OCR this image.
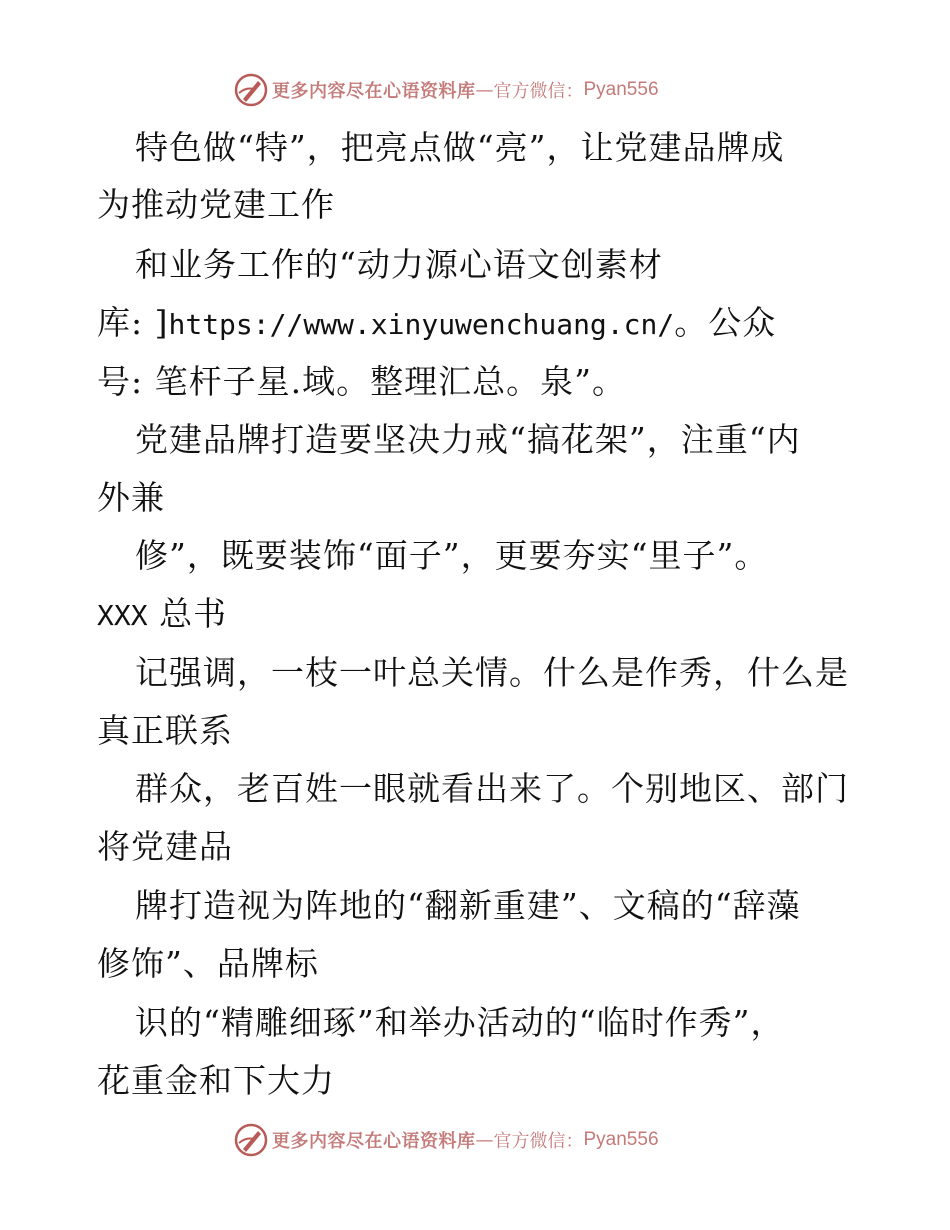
更多内容尽在心语资料库 — 官方微信： Pyan556
特色做“特”，把亮点做“亮”，让党建品牌成
为推动党建工作
和业务工作的“动力源心语文创素材
库: ]https://www.xinyuwenchuang.cn/。公众
号: 笔杆子星.域。整理汇总。泉”。
党建品牌打造要坚决力戒“搞花架”，注重“内
外兼
修”，既要装饰“面子”，更要夯实“里子”。
XXX 总书
记强调，一枝一叶总关情。什么是作秀，什么是
真正联系
群众，老百姓一眼就看出来了。个别地区、部门
将党建品
牌打造视为阵地的“翻新重建”、文稿的“辞藻
修饰”、品牌标
识的“精雕细琢”和举办活动的“临时作秀”，
花重金和下大力
更多内容尽在心语资料库 — 官方微信： Pyan556
